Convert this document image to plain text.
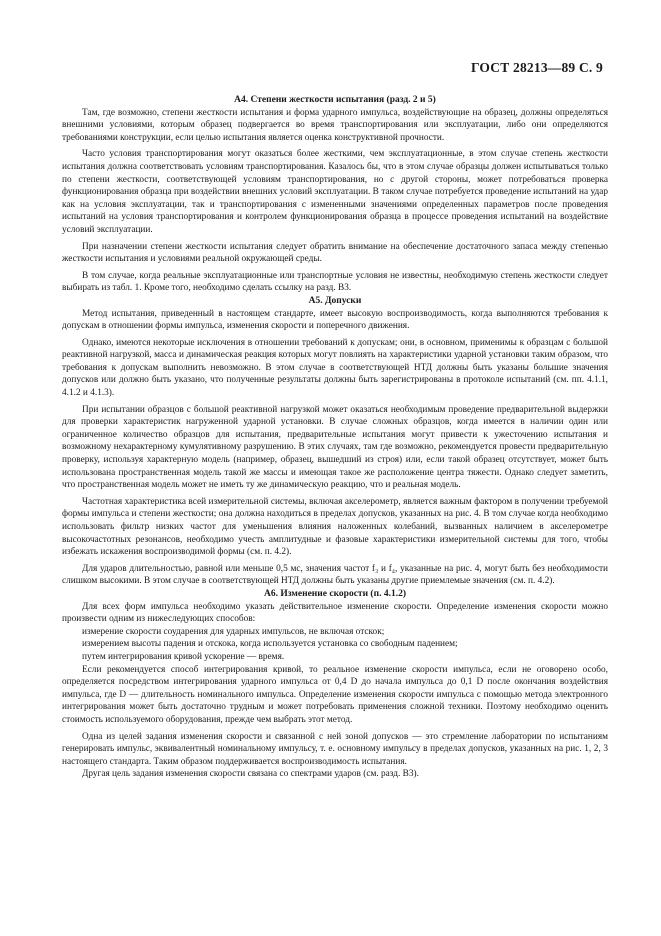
ГОСТ 28213—89 С. 9
А4. Степени жесткости испытания (разд. 2 и 5)

Там, где возможно, степени жесткости испытания и форма ударного импульса, воздействующие на образец, должны определяться внешними условиями, которым образец подвергается во время транспортирования или эксплуатации, либо они определяются требованиями конструкции, если целью испытания является оценка конструктивной прочности.

Часто условия транспортирования могут оказаться более жесткими, чем эксплуатационные, в этом случае степень жесткости испытания должна соответствовать условиям транспортирования. Казалось бы, что в этом случае образцы должен испытываться только по степени жесткости, соответствующей условиям транспортирования, но с другой стороны, может потребоваться проверка функционирования образца при воздействии внешних условий эксплуатации. В таком случае потребуется проведение испытаний на удар как на условия эксплуатации, так и транспортирования с измененными значениями определенных параметров после проведения испытаний на условия транспортирования и контролем функционирования образца в процессе проведения испытаний на воздействие условий эксплуатации.

При назначении степени жесткости испытания следует обратить внимание на обеспечение достаточного запаса между степенью жесткости испытания и условиями реальной окружающей среды.

В том случае, когда реальные эксплуатационные или транспортные условия не известны, необходимую степень жесткости следует выбирать из табл. 1. Кроме того, необходимо сделать ссылку на разд. В3.

А5. Допуски

Метод испытания, приведенный в настоящем стандарте, имеет высокую воспроизводимость, когда выполняются требования к допускам в отношении формы импульса, изменения скорости и поперечного движения.

Однако, имеются некоторые исключения в отношении требований к допускам; они, в основном, применимы к образцам с большой реактивной нагрузкой, масса и динамическая реакция которых могут повлиять на характеристики ударной установки таким образом, что требования к допускам выполнить невозможно. В этом случае в соответствующей НТД должны быть указаны большие значения допусков или должно быть указано, что полученные результаты должны быть зарегистрированы в протоколе испытаний (см. пп. 4.1.1, 4.1.2 и 4.1.3).

При испытании образцов с большой реактивной нагрузкой может оказаться необходимым проведение предварительной выдержки для проверки характеристик нагруженной ударной установки. В случае сложных образцов, когда имеется в наличии один или ограниченное количество образцов для испытания, предварительные испытания могут привести к ужесточению испытания и возможному нехарактерному кумулятивному разрушению. В этих случаях, там где возможно, рекомендуется провести предварительную проверку, используя характерную модель (например, образец, вышедший из строя) или, если такой образец отсутствует, может быть использована пространственная модель такой же массы и имеющая такое же расположение центра тяжести. Однако следует заметить, что пространственная модель может не иметь ту же динамическую реакцию, что и реальная модель.

Частотная характеристика всей измерительной системы, включая акселерометр, является важным фактором в получении требуемой формы импульса и степени жесткости; она должна находиться в пределах допусков, указанных на рис. 4. В том случае когда необходимо использовать фильтр низких частот для уменьшения влияния наложенных колебаний, вызванных наличием в акселерометре высокочастотных резонансов, необходимо учесть амплитудные и фазовые характеристики измерительной системы для того, чтобы избежать искажения воспроизводимой формы (см. п. 4.2).

Для ударов длительностью, равной или меньше 0,5 мс, значения частот f₃ и f₄, указанные на рис. 4, могут быть без необходимости слишком высокими. В этом случае в соответствующей НТД должны быть указаны другие приемлемые значения (см. п. 4.2).

А6. Изменение скорости (п. 4.1.2)

Для всех форм импульса необходимо указать действительное изменение скорости. Определение изменения скорости можно произвести одним из нижеследующих способов:

измерение скорости соударения для ударных импульсов, не включая отскок;

измерением высоты падения и отскока, когда используется установка со свободным падением;

путем интегрирования кривой ускорение — время.

Если рекомендуется способ интегрирования кривой, то реальное изменение скорости импульса, если не оговорено особо, определяется посредством интегрирования ударного импульса от 0,4 D до начала импульса до 0,1 D после окончания воздействия импульса, где D — длительность номинального импульса. Определение изменения скорости импульса с помощью метода электронного интегрирования может быть достаточно трудным и может потребовать применения сложной техники. Поэтому необходимо оценить стоимость используемого оборудования, прежде чем выбрать этот метод.

Одна из целей задания изменения скорости и связанной с ней зоной допусков — это стремление лаборатории по испытаниям генерировать импульс, эквивалентный номинальному импульсу, т. е. основному импульсу в пределах допусков, указанных на рис. 1, 2, 3 настоящего стандарта. Таким образом поддерживается воспроизводимость испытания.

Другая цель задания изменения скорости связана со спектрами ударов (см. разд. В3).
